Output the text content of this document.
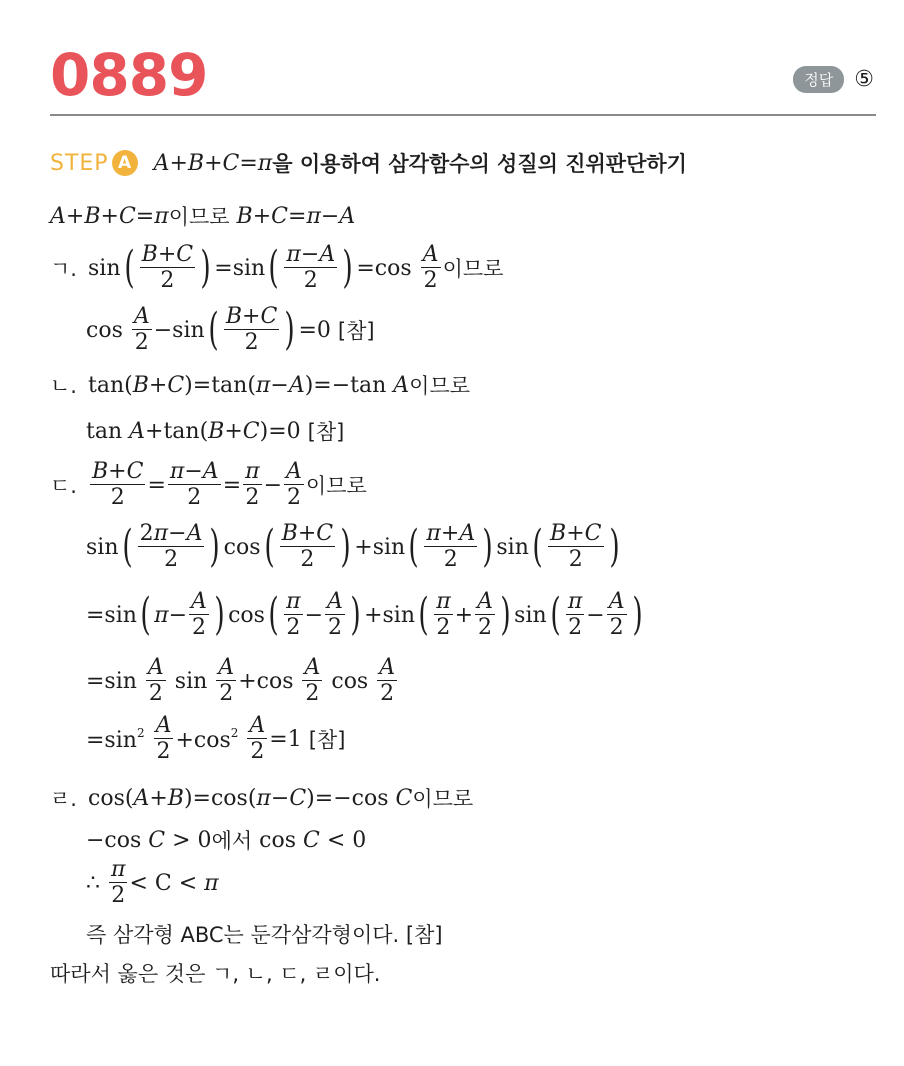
0889	정답 ⑤
STEP A A+B+C=π 을 이용하여 삼각함수의 성질의 진위판단하기
A+B+C=π 이므로 B+C=π−A
ㄱ. sin ( $\frac{B+C}{2}$ ) =sin ( $\frac{\pi-A}{2}$ ) $=\cos \frac{A}{2}$ 이므로
$\cos \frac{A}{2} -\sin$ ( $\frac{B+C}{2}$ ) =0 [참]
ㄴ. tan(B+C)=tan(π−A)=−tan A 이므로
tan A+tan(B+C)=0 [참]
ㄷ. $\frac{B+C}{2} = \frac{\pi-A}{2} = \frac{\pi}{2} - \frac{A}{2}$ 이므로
sin ( $\frac{2\pi-A}{2}$ ) cos ( $\frac{B+C}{2}$ ) +sin ( $\frac{\pi+A}{2}$ ) sin ( $\frac{B+C}{2}$ )
=sin ( $\pi- \frac{A}{2}$ ) cos ( $\frac{\pi}{2} - \frac{A}{2}$ ) +sin ( $\frac{\pi}{2} + \frac{A}{2}$ ) sin ( $\frac{\pi}{2} - \frac{A}{2}$ )
$=\sin \frac{A}{2}$ $\sin \frac{A}{2} +\cos \frac{A}{2}$ $\cos \frac{A}{2}$
$=\sin^2 \frac{A}{2} +\cos^2 \frac{A}{2} =1$ [참]
ㄹ. cos(A+B)=cos(π−C)=−cos C 이므로
−cos C > 0 에서 cos C < 0
∴
$\frac{\pi}{2} < C < \pi$
즉 삼각형 ABC는 둔각삼각형이다. [참]
따라서 옳은 것은 ㄱ, ㄴ, ㄷ, ㄹ이다.
